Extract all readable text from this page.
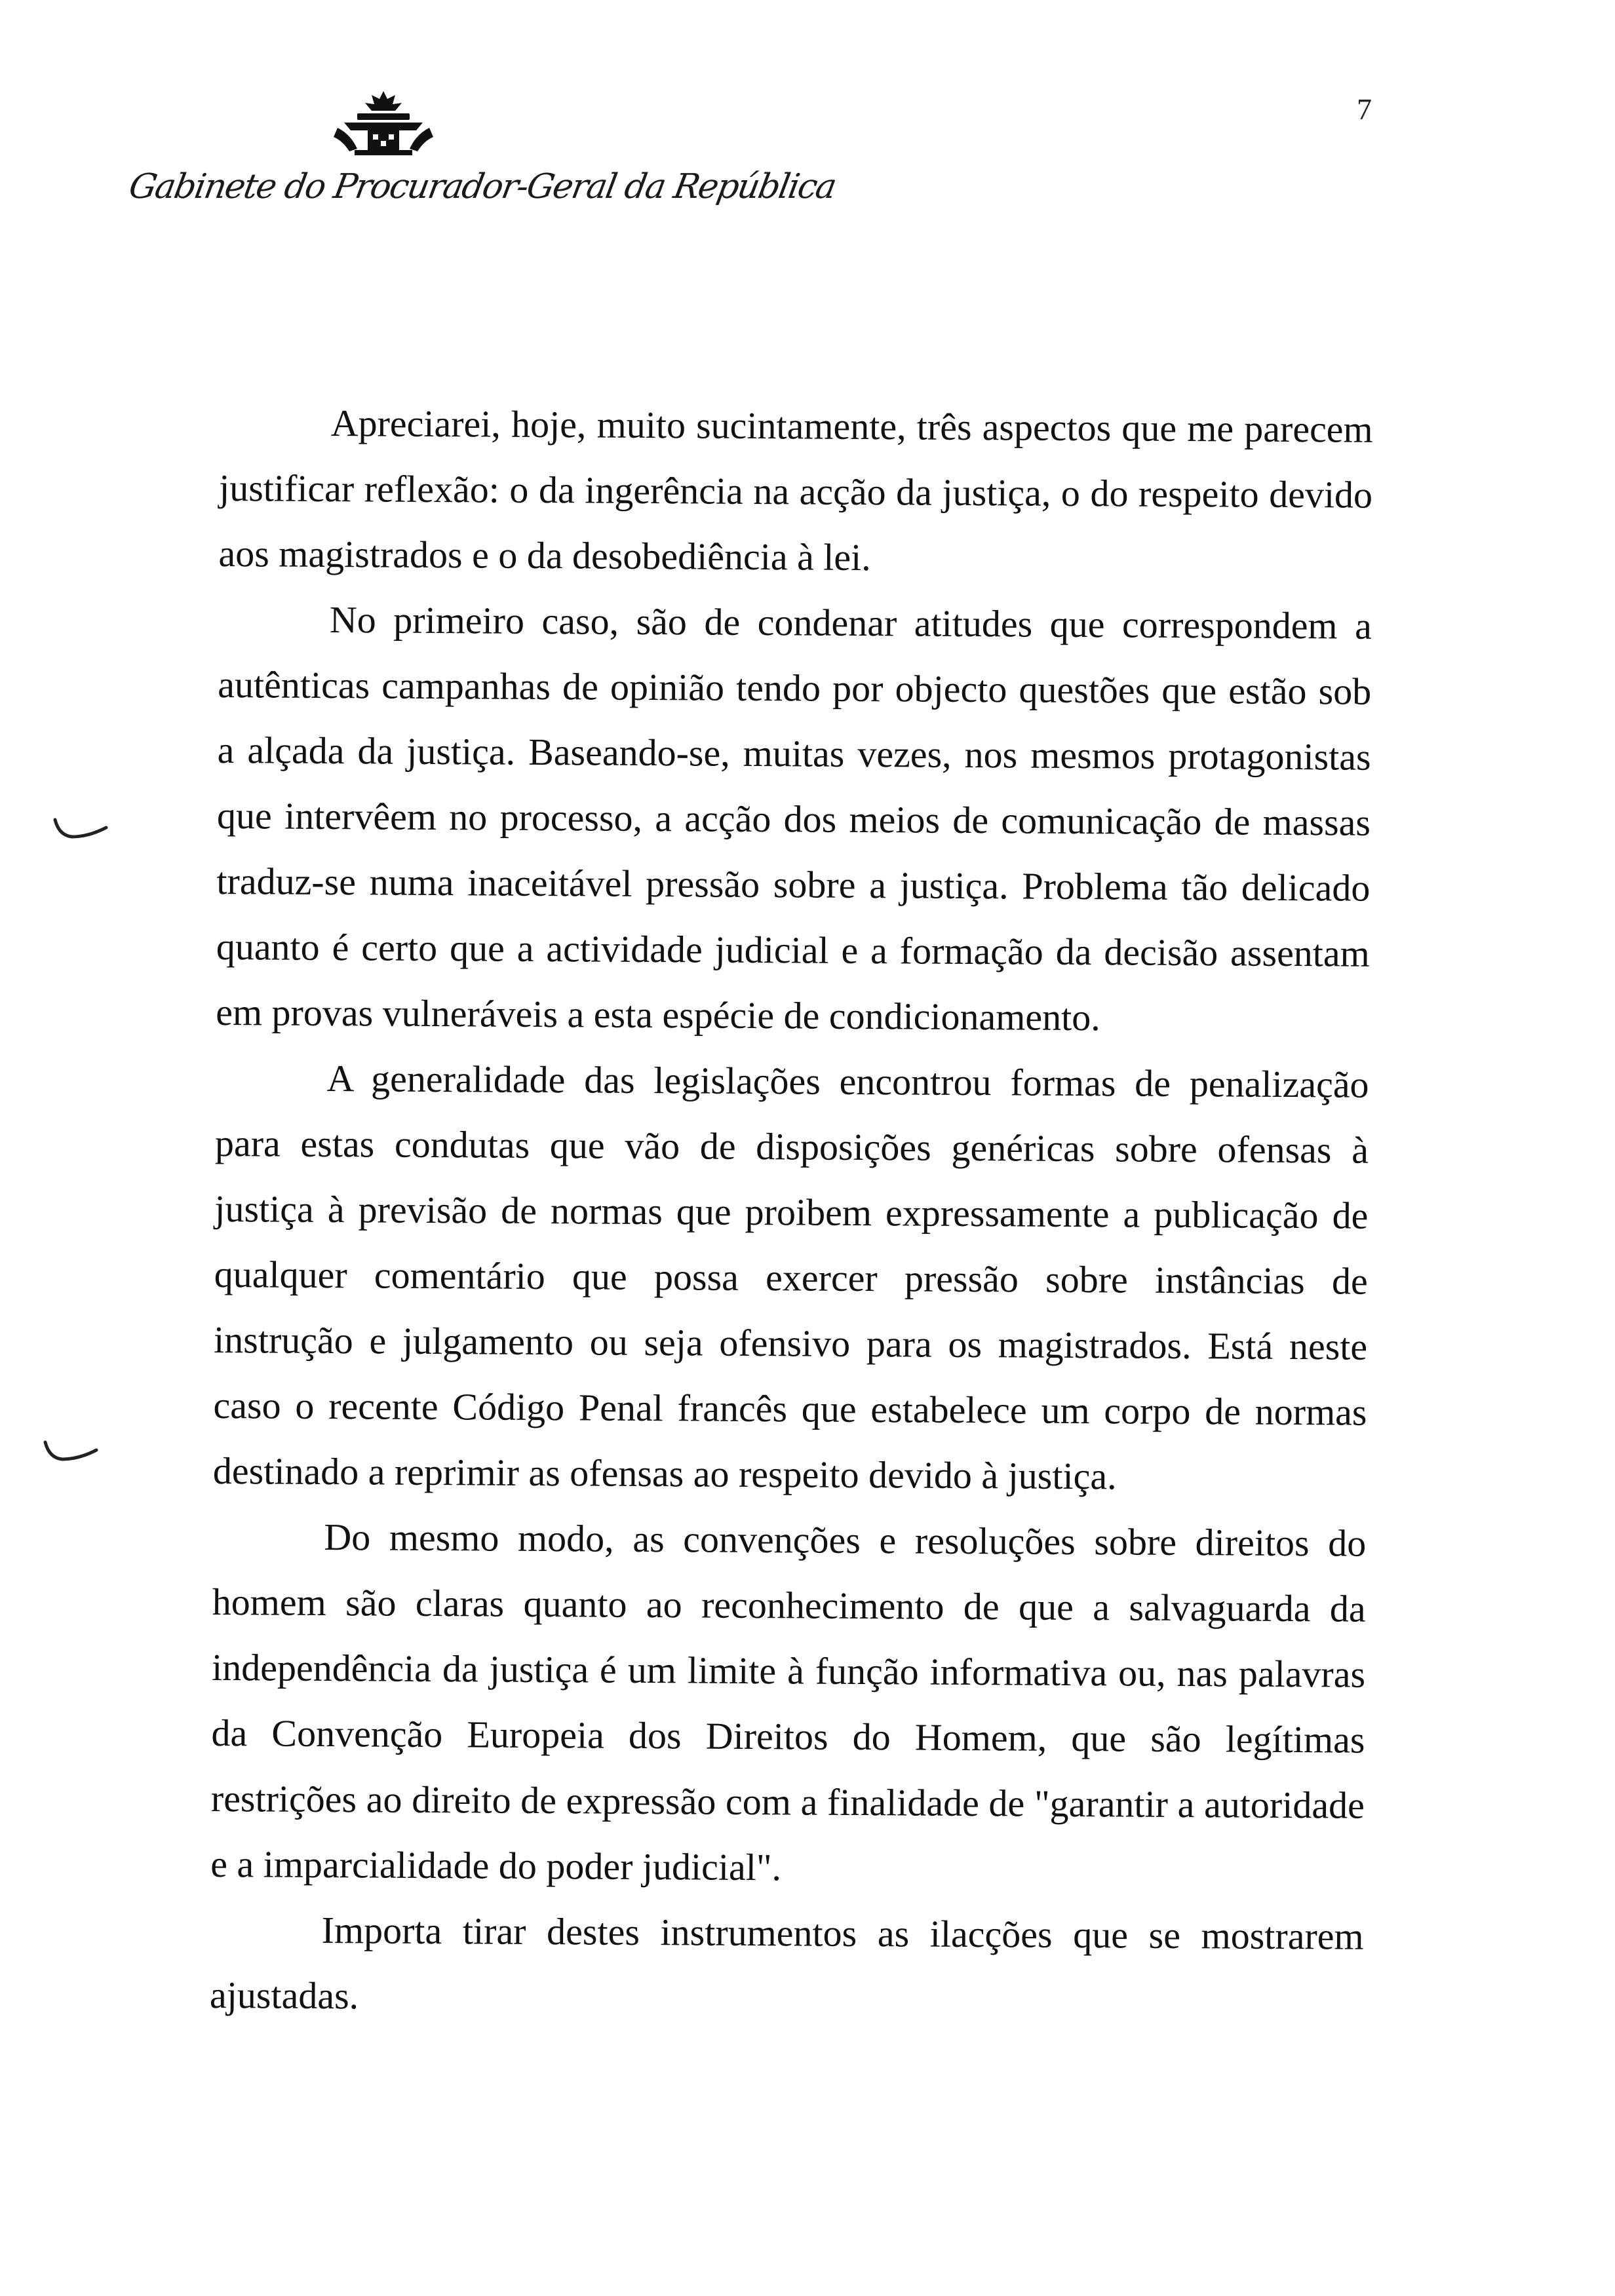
Gabinete do Procurador-Geral da República
7

Apreciarei, hoje, muito sucintamente, três aspectos que me parecem justificar reflexão: o da ingerência na acção da justiça, o do respeito devido aos magistrados e o da desobediência à lei.

No primeiro caso, são de condenar atitudes que correspondem a autênticas campanhas de opinião tendo por objecto questões que estão sob a alçada da justiça. Baseando-se, muitas vezes, nos mesmos protagonistas que intervêem no processo, a acção dos meios de comunicação de massas traduz-se numa inaceitável pressão sobre a justiça. Problema tão delicado quanto é certo que a actividade judicial e a formação da decisão assentam em provas vulneráveis a esta espécie de condicionamento.

A generalidade das legislações encontrou formas de penalização para estas condutas que vão de disposições genéricas sobre ofensas à justiça à previsão de normas que proibem expressamente a publicação de qualquer comentário que possa exercer pressão sobre instâncias de instrução e julgamento ou seja ofensivo para os magistrados. Está neste caso o recente Código Penal francês que estabelece um corpo de normas destinado a reprimir as ofensas ao respeito devido à justiça.

Do mesmo modo, as convenções e resoluções sobre direitos do homem são claras quanto ao reconhecimento de que a salvaguarda da independência da justiça é um limite à função informativa ou, nas palavras da Convenção Europeia dos Direitos do Homem, que são legítimas restrições ao direito de expressão com a finalidade de "garantir a autoridade e a imparcialidade do poder judicial".

Importa tirar destes instrumentos as ilacções que se mostrarem ajustadas.
